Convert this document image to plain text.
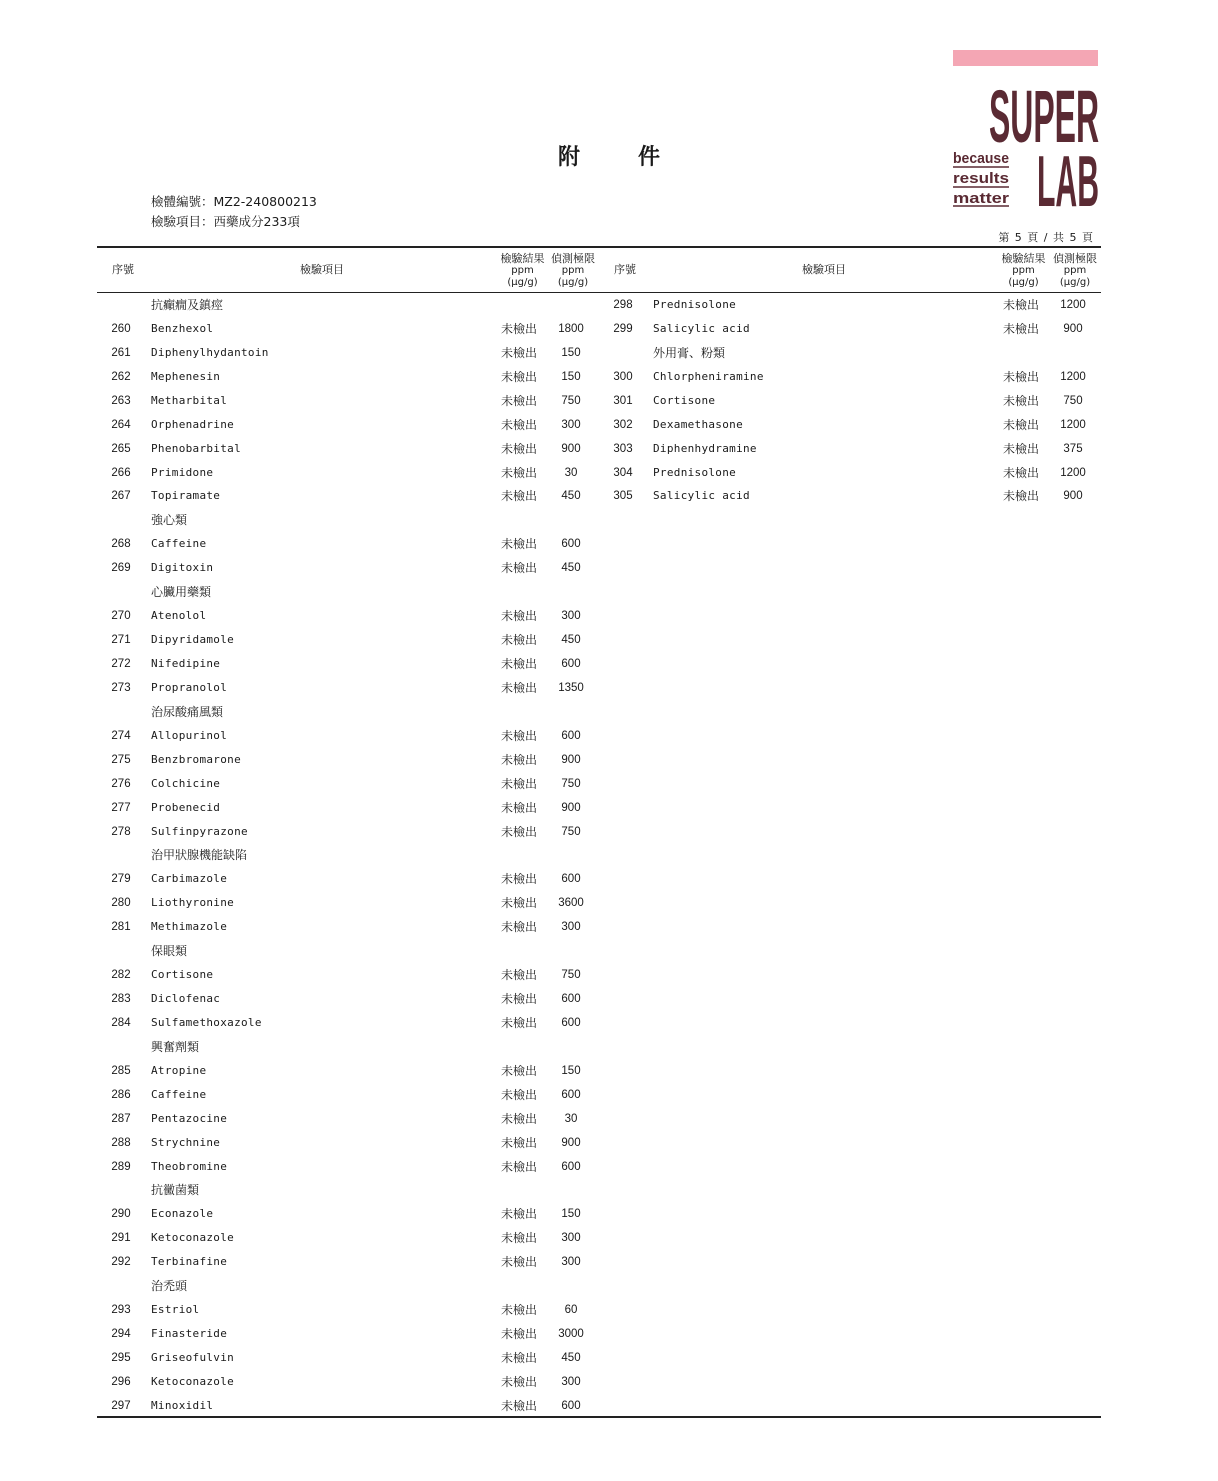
SUPER
LAB
because
results
matter
附　件
檢體編號：MZ2-240800213
檢驗項目：西藥成分233項
第 5 頁 / 共 5 頁
序號	檢驗項目
檢驗結果
ppm
(μg/g)
偵測極限
ppm
(μg/g)
序號	檢驗項目
檢驗結果
ppm
(μg/g)
偵測極限
ppm
(μg/g)
抗癲癇及鎮痙
260	Benzhexol	未檢出	1800
261	Diphenylhydantoin	未檢出	150
262	Mephenesin	未檢出	150
263	Metharbital	未檢出	750
264	Orphenadrine	未檢出	300
265	Phenobarbital	未檢出	900
266	Primidone	未檢出	30
267	Topiramate	未檢出	450
強心類
268	Caffeine	未檢出	600
269	Digitoxin	未檢出	450
心臟用藥類
270	Atenolol	未檢出	300
271	Dipyridamole	未檢出	450
272	Nifedipine	未檢出	600
273	Propranolol	未檢出	1350
治尿酸痛風類
274	Allopurinol	未檢出	600
275	Benzbromarone	未檢出	900
276	Colchicine	未檢出	750
277	Probenecid	未檢出	900
278	Sulfinpyrazone	未檢出	750
治甲狀腺機能缺陷
279	Carbimazole	未檢出	600
280	Liothyronine	未檢出	3600
281	Methimazole	未檢出	300
保眼類
282	Cortisone	未檢出	750
283	Diclofenac	未檢出	600
284	Sulfamethoxazole	未檢出	600
興奮劑類
285	Atropine	未檢出	150
286	Caffeine	未檢出	600
287	Pentazocine	未檢出	30
288	Strychnine	未檢出	900
289	Theobromine	未檢出	600
抗黴菌類
290	Econazole	未檢出	150
291	Ketoconazole	未檢出	300
292	Terbinafine	未檢出	300
治禿頭
293	Estriol	未檢出	60
294	Finasteride	未檢出	3000
295	Griseofulvin	未檢出	450
296	Ketoconazole	未檢出	300
297	Minoxidil	未檢出	600
298	Prednisolone	未檢出	1200
299	Salicylic acid	未檢出	900
外用膏、粉類
300	Chlorpheniramine	未檢出	1200
301	Cortisone	未檢出	750
302	Dexamethasone	未檢出	1200
303	Diphenhydramine	未檢出	375
304	Prednisolone	未檢出	1200
305	Salicylic acid	未檢出	900
